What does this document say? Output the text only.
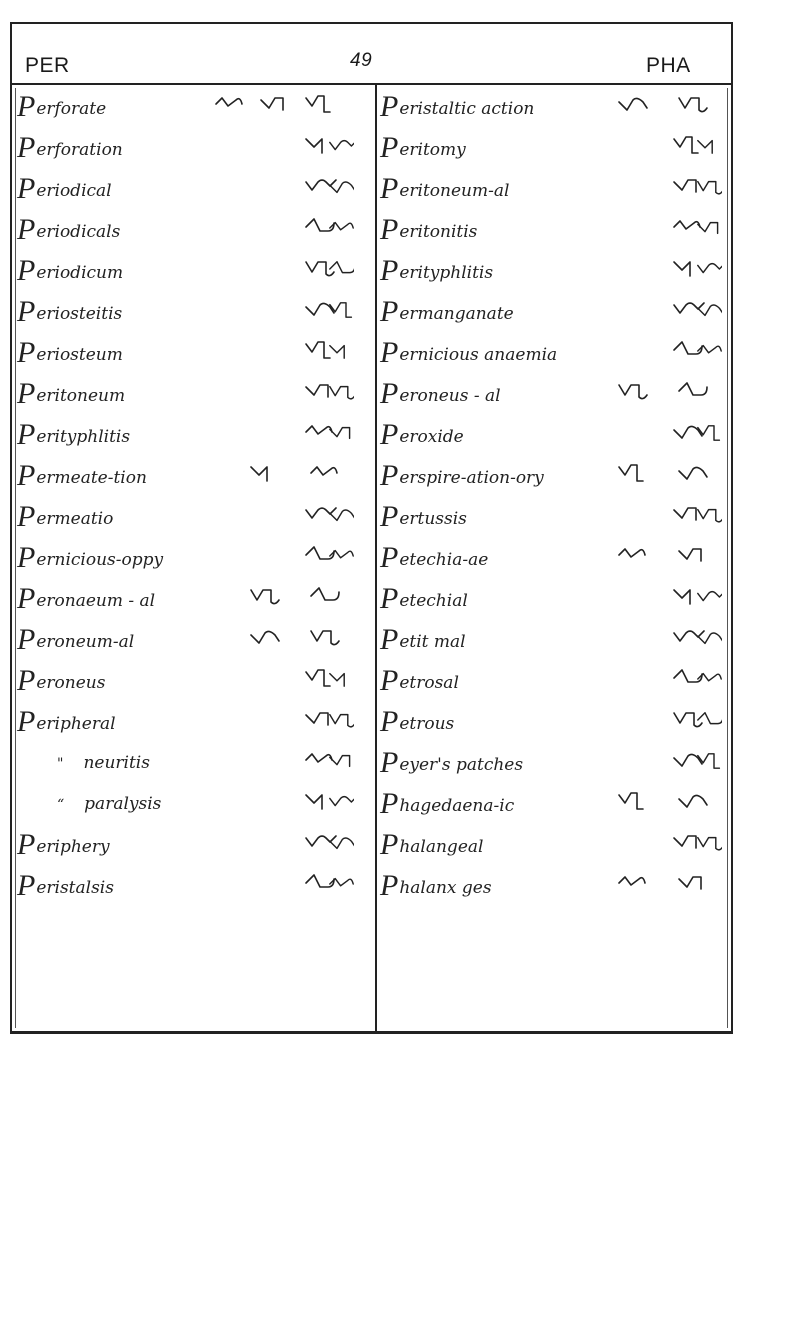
PER	49	PHA
Perforate
Perforation
Periodical
Periodicals
Periodicum
Periosteitis
Periosteum
Peritoneum
Perityphlitis
Permeate-tion
Permeatio
Pernicious-oppy
Peronaeum - al
Peroneum-al
Peroneus
Peripheral
" neuritis
“ paralysis
Periphery
Peristalsis
Peristaltic action
Peritomy
Peritoneum-al
Peritonitis
Perityphlitis
Permanganate
Pernicious anaemia
Peroneus - al
Peroxide
Perspire-ation-ory
Pertussis
Petechia-ae
Petechial
Petit mal
Petrosal
Petrous
Peyer's patches
Phagedaena-ic
Phalangeal
Phalanx ges
